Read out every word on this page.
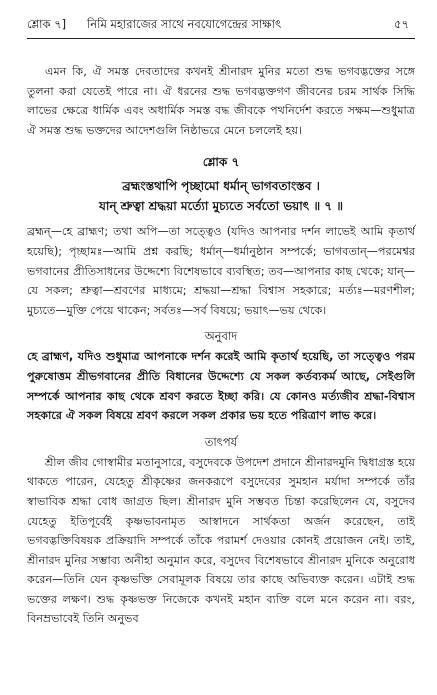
শ্লোক ৭] নিমি মহারাজের সাথে নবযোগেন্দ্রের সাক্ষাৎ	৫৭

এমন কি, ঐ সমস্ত দেবতাদের কখনই শ্রীনারদ মুনির মতো শুদ্ধ ভগবদ্ভক্তের সঙ্গে তুলনা করা যেতেই পারে না। ঐ ধরনের শুদ্ধ ভগবদ্ভক্তগণ জীবনের চরম সার্থক সিদ্ধি লাভের ক্ষেত্রে ধার্মিক এবং অধার্মিক সমস্ত বদ্ধ জীবকে পথনির্দেশ করতে সক্ষম—শুধুমাত্র ঐ সমস্ত শুদ্ধ ভক্তদের আদেশগুলি নিষ্ঠাভরে মেনে চললেই হয়।

শ্লোক ৭
ব্রহ্মংস্তথাপি পৃচ্ছামো ধর্মান্ ভাগবতাংস্তব ।
যান্ শ্রুত্বা শ্রদ্ধয়া মর্ত্যো মুচ্যতে সর্বতো ভয়াৎ ॥ ৭ ॥

ব্রহ্মন্—হে ব্রাহ্মণ; তথা অপি—তা সত্ত্বেও (যদিও আপনার দর্শন লাভেই আমি কৃতার্থ হয়েছি); পৃচ্ছামঃ—আমি প্রশ্ন করছি; ধর্মান্—ধর্মানুষ্ঠান সম্পর্কে; ভাগবতান্—পরমেশ্বর ভগবানের প্রীতিসাধনের উদ্দেশ্যে বিশেষভাবে ব্যবস্থিত; তব—আপনার কাছ থেকে; যান্—যে সকল; শ্রুত্বা—শ্রবণের মাধ্যমে; শ্রদ্ধয়া—শ্রদ্ধা বিশ্বাস সহকারে; মর্ত্যঃ—মরণশীল; মুচ্যতে—মুক্তি পেয়ে থাকেন; সর্বতঃ—সর্ব বিষয়ে; ভয়াৎ—ভয় থেকে।

অনুবাদ

হে ব্রাহ্মণ, যদিও শুধুমাত্র আপনাকে দর্শন করেই আমি কৃতার্থ হয়েছি, তা সত্ত্বেও পরম পুরুষোত্তম শ্রীভগবানের প্রীতি বিধানের উদ্দেশ্যে যে সকল কর্তব্যকর্ম আছে, সেইগুলি সম্পর্কে আপনার কাছ থেকে শ্রবণ করতে ইচ্ছা করি। যে কোনও মর্ত্যজীব শ্রদ্ধা-বিশ্বাস সহকারে ঐ সকল বিষয়ে শ্রবণ করলে সকল প্রকার ভয় হতে পরিত্রাণ লাভ করে।

তাৎপর্য

শ্রীল জীব গোস্বামীর মতানুসারে, বসুদেবকে উপদেশ প্রদানে শ্রীনারদমুনি দ্বিধাগ্রস্ত হয়ে থাকতে পারেন, যেহেতু শ্রীকৃষ্ণের জনকরূপে বসুদেবের সুমহান মর্যাদা সম্পর্কে তাঁর স্বাভাবিক শ্রদ্ধা বোধ জাগ্রত ছিল। শ্রীনারদ মুনি সম্ভবত চিন্তা করেছিলেন যে, বসুদেব যেহেতু ইতিপূর্বেই কৃষ্ণভাবনামৃত আস্বাদনে সার্থকতা অর্জন করেছেন, তাই ভগবদ্ভক্তিবিষয়ক প্রক্রিয়াদি সম্পর্কে তাঁকে পরামর্শ দেওয়ার কোনই প্রয়োজন নেই। তাই, শ্রীনারদ মুনির সম্ভাব্য অনীহা অনুমান করে, বসুদেব বিশেষভাবে শ্রীনারদ মুনিকে অনুরোধ করেন—তিনি যেন কৃষ্ণভক্তি সেবামূলক বিষয়ে তার কাছে অভিব্যক্ত করেন। এটাই শুদ্ধ ভক্তের লক্ষণ। শুদ্ধ কৃষ্ণভক্ত নিজেকে কখনই মহান ব্যক্তি বলে মনে করেন না। বরং, বিনম্রভাবেই তিনি অনুভব
